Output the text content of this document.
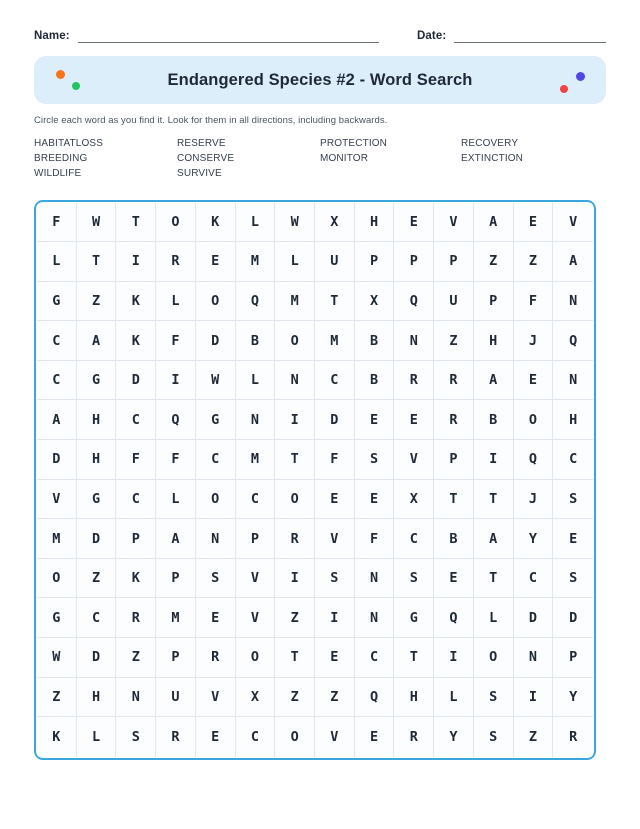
Name:	Date:
Endangered Species #2 - Word Search

Circle each word as you find it. Look for them in all directions, including backwards.

HABITATLOSS	RESERVE	PROTECTION	RECOVERY
BREEDING	CONSERVE	MONITOR	EXTINCTION
WILDLIFE	SURVIVE
F	W	T	O	K	L	W	X	H	E	V	A	E	V
L	T	I	R	E	M	L	U	P	P	P	Z	Z	A
G	Z	K	L	O	Q	M	T	X	Q	U	P	F	N
C	A	K	F	D	B	O	M	B	N	Z	H	J	Q
C	G	D	I	W	L	N	C	B	R	R	A	E	N
A	H	C	Q	G	N	I	D	E	E	R	B	O	H
D	H	F	F	C	M	T	F	S	V	P	I	Q	C
V	G	C	L	O	C	O	E	E	X	T	T	J	S
M	D	P	A	N	P	R	V	F	C	B	A	Y	E
O	Z	K	P	S	V	I	S	N	S	E	T	C	S
G	C	R	M	E	V	Z	I	N	G	Q	L	D	D
W	D	Z	P	R	O	T	E	C	T	I	O	N	P
Z	H	N	U	V	X	Z	Z	Q	H	L	S	I	Y
K	L	S	R	E	C	O	V	E	R	Y	S	Z	R
